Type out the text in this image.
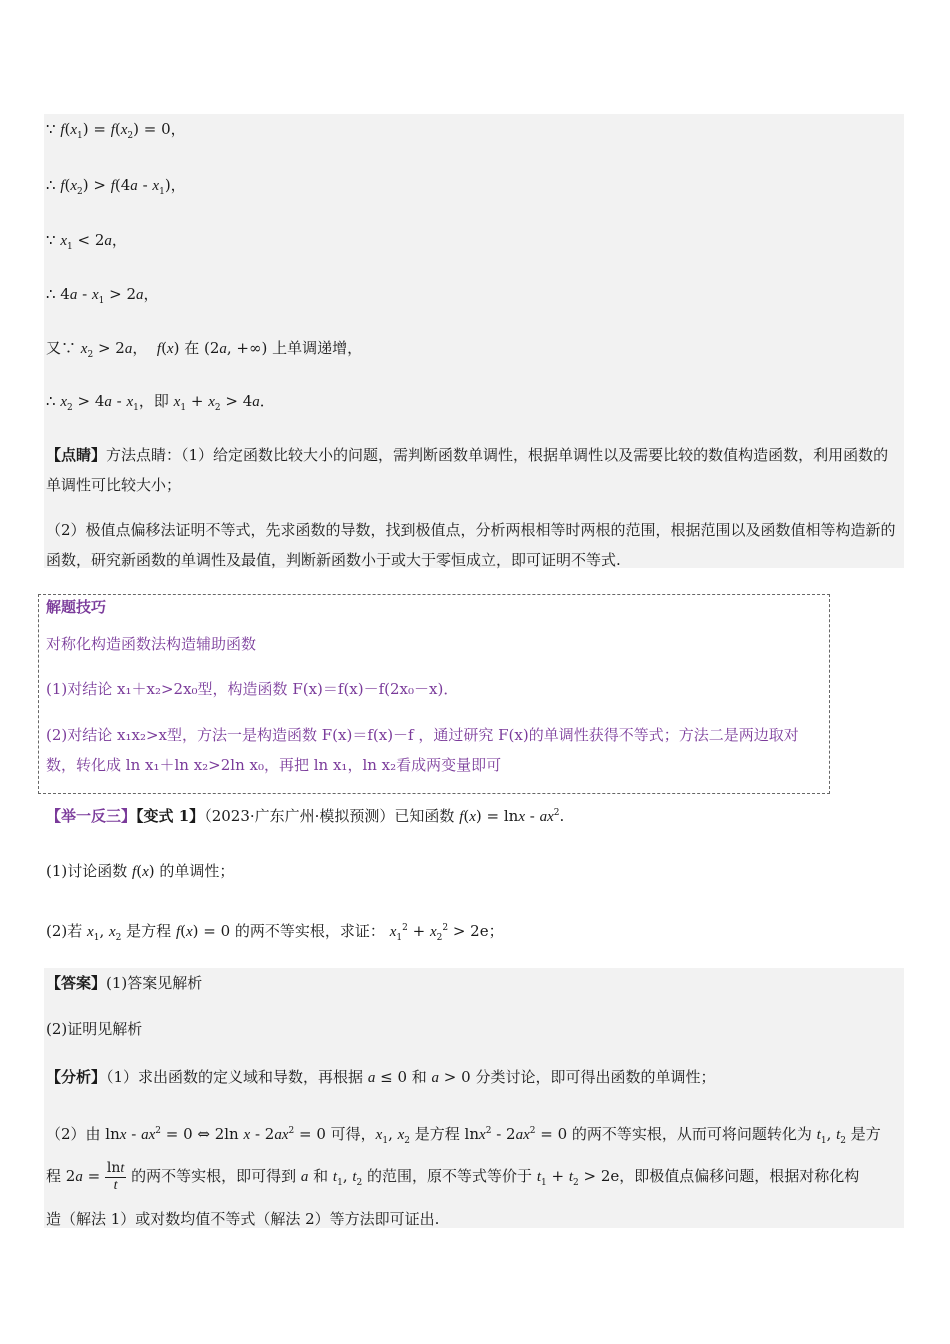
∵ $f(x_1) = f(x_2) = 0$，
∴ $f(x_2) > f(4a - x_1)$，
∵ $x_1 < 2a$，
∴ $4a - x_1 > 2a$，
又∵ $x_2 > 2a$，  f(x) 在 (2a, +∞) 上单调递增，
∴ $x_2 > 4a - x_1$，即 $x_1 + x_2 > 4a$．
【点睛】方法点睛：（1）给定函数比较大小的问题，需判断函数单调性，根据单调性以及需要比较的数值构造函数，利用函数的单调性可比较大小；
（2）极值点偏移法证明不等式，先求函数的导数，找到极值点，分析两根相等时两根的范围，根据范围以及函数值相等构造新的函数，研究新函数的单调性及最值，判断新函数小于或大于零恒成立，即可证明不等式.
解题技巧
对称化构造函数法构造辅助函数
(1)对结论 x₁＋x₂>2x₀型，构造函数 F(x)＝f(x)－f(2x₀－x)．
(2)对结论 x₁x₂>x型，方法一是构造函数 F(x)＝f(x)－f ，通过研究 F(x)的单调性获得不等式；方法二是两边取对数，转化成 ln x₁＋ln x₂>2ln x₀，再把 ln x₁，ln x₂看成两变量即可
【举一反三】【变式 1】（2023·广东广州·模拟预测）已知函数 $f(x) = \ln x - ax^2$.
(1)讨论函数 f(x) 的单调性；
(2)若 $x_1$, $x_2$ 是方程 f(x) = 0 的两不等实根，求证： $x_1^2 + x_2^2 > 2e$；
【答案】(1)答案见解析
(2)证明见解析
【分析】（1）求出函数的定义域和导数，再根据 a ≤ 0 和 a > 0 分类讨论，即可得出函数的单调性；
（2）由 $\ln x - ax^2 = 0$ ⇔ 2ln $x - 2ax^2 = 0$ 可得，$x_1$, $x_2$ 是方程 $\ln x^2 - 2ax^2 = 0$ 的两不等实根，从而可将问题转化为 $t_1$, $t_2$ 是方
程 $2a = \frac{\ln t}{t}$ 的两不等实根，即可得到 a 和 $t_1$, $t_2$ 的范围，原不等式等价于 $t_1 + t_2 > 2e$，即极值点偏移问题，根据对称化构
造（解法 1）或对数均值不等式（解法 2）等方法即可证出.
